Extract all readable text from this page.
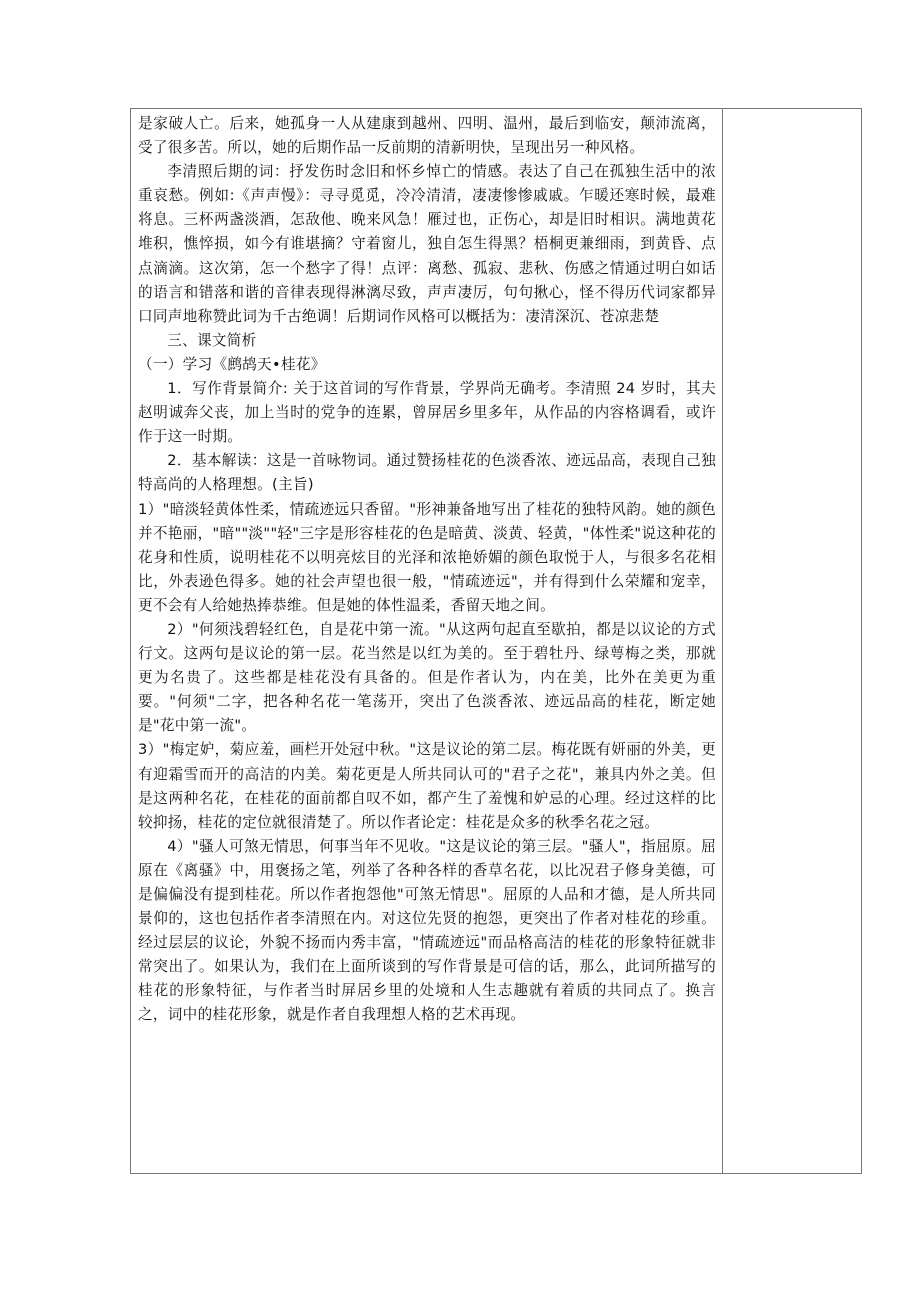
是家破人亡。后来，她孤身一人从建康到越州、四明、温州，最后到临安，颠沛流离，受了很多苦。所以，她的后期作品一反前期的清新明快，呈现出另一种风格。

李清照后期的词：抒发伤时念旧和怀乡悼亡的情感。表达了自己在孤独生活中的浓重哀愁。例如:《声声慢》：寻寻觅觅，冷冷清清，凄凄惨惨戚戚。乍暖还寒时候，最难将息。三杯两盏淡酒，怎敌他、晚来风急！雁过也，正伤心，却是旧时相识。满地黄花堆积，憔悴损，如今有谁堪摘？守着窗儿，独自怎生得黑？梧桐更兼细雨，到黄昏、点点滴滴。这次第，怎一个愁字了得！点评：离愁、孤寂、悲秋、伤感之情通过明白如话的语言和错落和谐的音律表现得淋漓尽致，声声凄厉，句句揪心，怪不得历代词家都异口同声地称赞此词为千古绝调！后期词作风格可以概括为：凄清深沉、苍凉悲楚

三、课文简析

（一）学习《鹧鸪天•桂花》

1．写作背景简介: 关于这首词的写作背景，学界尚无确考。李清照 24 岁时，其夫赵明诚奔父丧，加上当时的党争的连累，曾屏居乡里多年，从作品的内容格调看，或许作于这一时期。

2．基本解读：这是一首咏物词。通过赞扬桂花的色淡香浓、迹远品高，表现自己独特高尚的人格理想。(主旨)

1）"暗淡轻黄体性柔，情疏迹远只香留。"形神兼备地写出了桂花的独特风韵。她的颜色并不艳丽，"暗""淡""轻"三字是形容桂花的色是暗黄、淡黄、轻黄，"体性柔"说这种花的花身和性质，说明桂花不以明亮炫目的光泽和浓艳娇媚的颜色取悦于人，与很多名花相比，外表逊色得多。她的社会声望也很一般，"情疏迹远"，并有得到什么荣耀和宠幸，更不会有人给她热捧恭维。但是她的体性温柔，香留天地之间。

2）"何须浅碧轻红色，自是花中第一流。"从这两句起直至歇拍，都是以议论的方式行文。这两句是议论的第一层。花当然是以红为美的。至于碧牡丹、绿萼梅之类，那就更为名贵了。这些都是桂花没有具备的。但是作者认为，内在美，比外在美更为重要。"何须"二字，把各种名花一笔荡开，突出了色淡香浓、迹远品高的桂花，断定她是"花中第一流"。

3）"梅定妒，菊应羞，画栏开处冠中秋。"这是议论的第二层。梅花既有妍丽的外美，更有迎霜雪而开的高洁的内美。菊花更是人所共同认可的"君子之花"，兼具内外之美。但是这两种名花，在桂花的面前都自叹不如，都产生了羞愧和妒忌的心理。经过这样的比较抑扬，桂花的定位就很清楚了。所以作者论定：桂花是众多的秋季名花之冠。

4）"骚人可煞无情思，何事当年不见收。"这是议论的第三层。"骚人"，指屈原。屈原在《离骚》中，用褒扬之笔，列举了各种各样的香草名花，以比况君子修身美德，可是偏偏没有提到桂花。所以作者抱怨他"可煞无情思"。屈原的人品和才德，是人所共同景仰的，这也包括作者李清照在内。对这位先贤的抱怨，更突出了作者对桂花的珍重。经过层层的议论，外貌不扬而内秀丰富，"情疏迹远"而品格高洁的桂花的形象特征就非常突出了。如果认为，我们在上面所谈到的写作背景是可信的话，那么，此词所描写的桂花的形象特征，与作者当时屏居乡里的处境和人生志趣就有着质的共同点了。换言之，词中的桂花形象，就是作者自我理想人格的艺术再现。
